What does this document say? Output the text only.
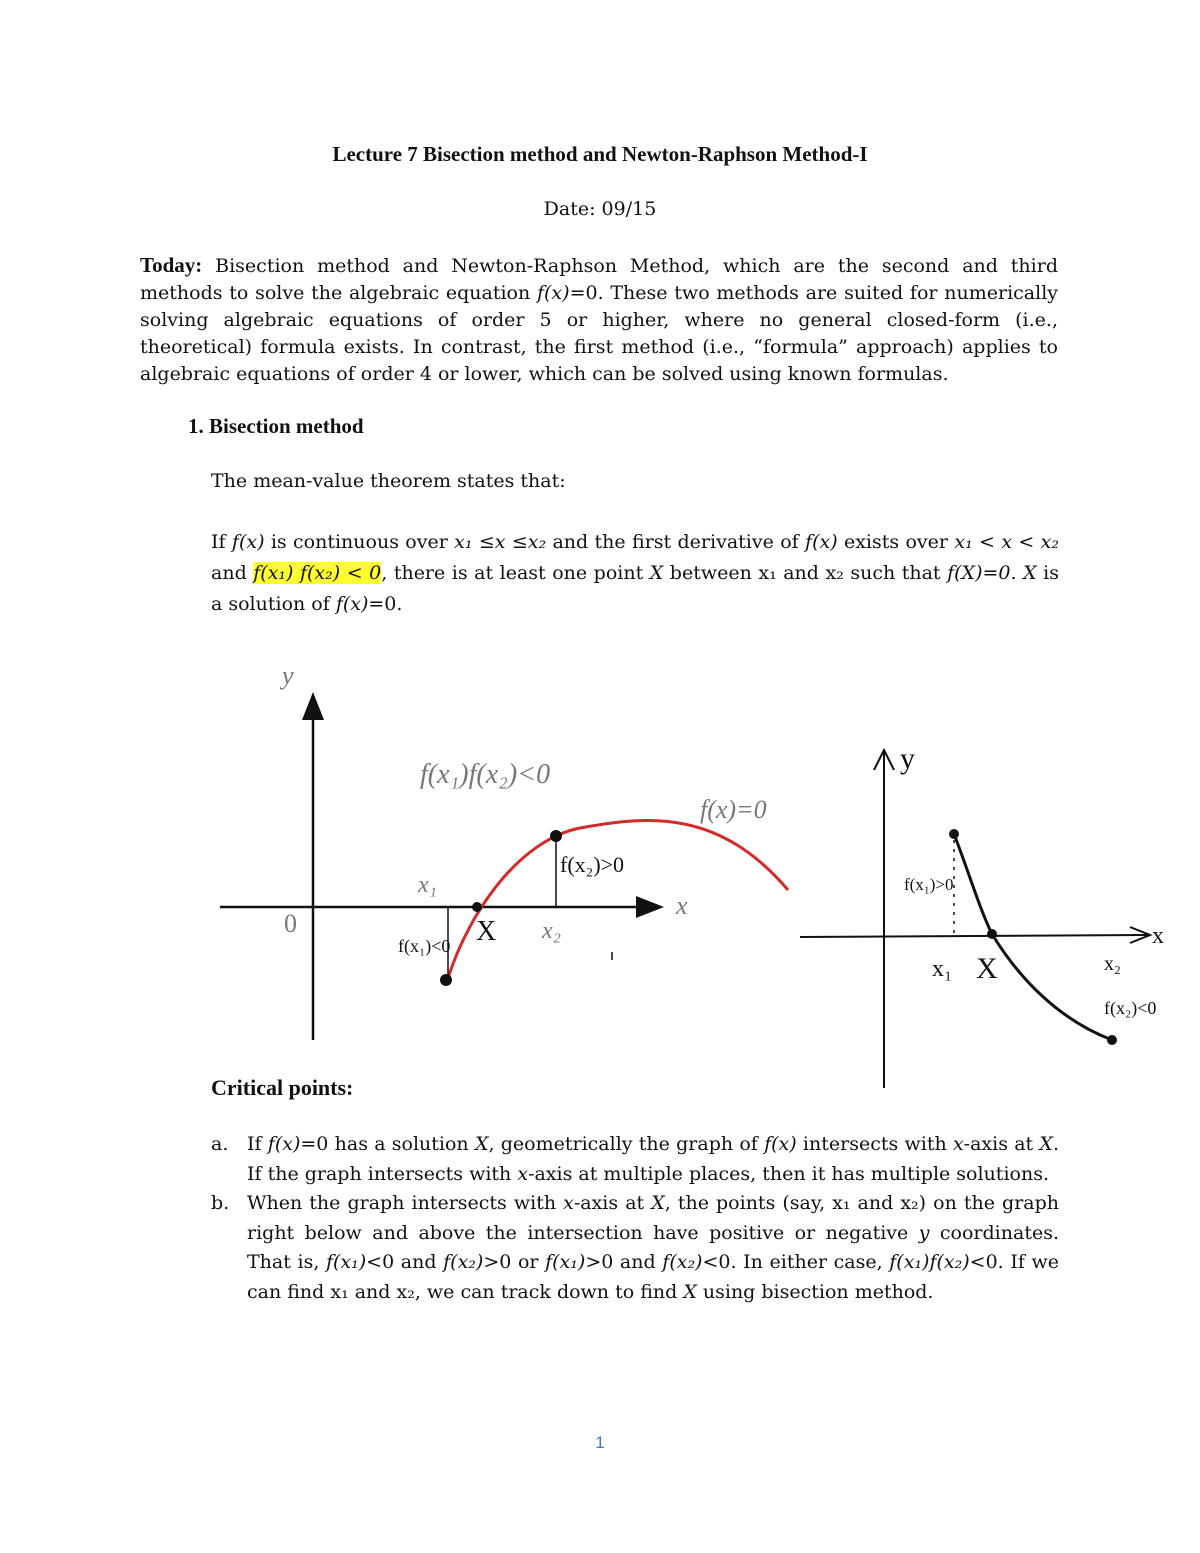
Lecture 7 Bisection method and Newton-Raphson Method-I
Date: 09/15
Today: Bisection method and Newton-Raphson Method, which are the second and third methods to solve the algebraic equation f(x)=0. These two methods are suited for numerically solving algebraic equations of order 5 or higher, where no general closed-form (i.e., theoretical) formula exists. In contrast, the first method (i.e., “formula” approach) applies to algebraic equations of order 4 or lower, which can be solved using known formulas.
1. Bisection method
The mean-value theorem states that:
If f(x) is continuous over x₁ ≤x ≤x₂ and the first derivative of f(x) exists over x₁ < x < x₂ and f(x₁) f(x₂) < 0, there is at least one point X between x₁ and x₂ such that f(X)=0. X is a solution of f(x)=0.
y
x
0
f(x₁)f(x₂)<0
f(x)=0
x₁
x₂
X
f(x₂)>0
f(x₁)<0
y
x
f(x₁)>0
x₁ X	x₂
f(x₂)<0
Critical points:
a. If f(x)=0 has a solution X, geometrically the graph of f(x) intersects with x-axis at X. If the graph intersects with x-axis at multiple places, then it has multiple solutions.
b. When the graph intersects with x-axis at X, the points (say, x₁ and x₂) on the graph right below and above the intersection have positive or negative y coordinates. That is, f(x₁)<0 and f(x₂)>0 or f(x₁)>0 and f(x₂)<0. In either case, f(x₁)f(x₂)<0. If we can find x₁ and x₂, we can track down to find X using bisection method.
1
